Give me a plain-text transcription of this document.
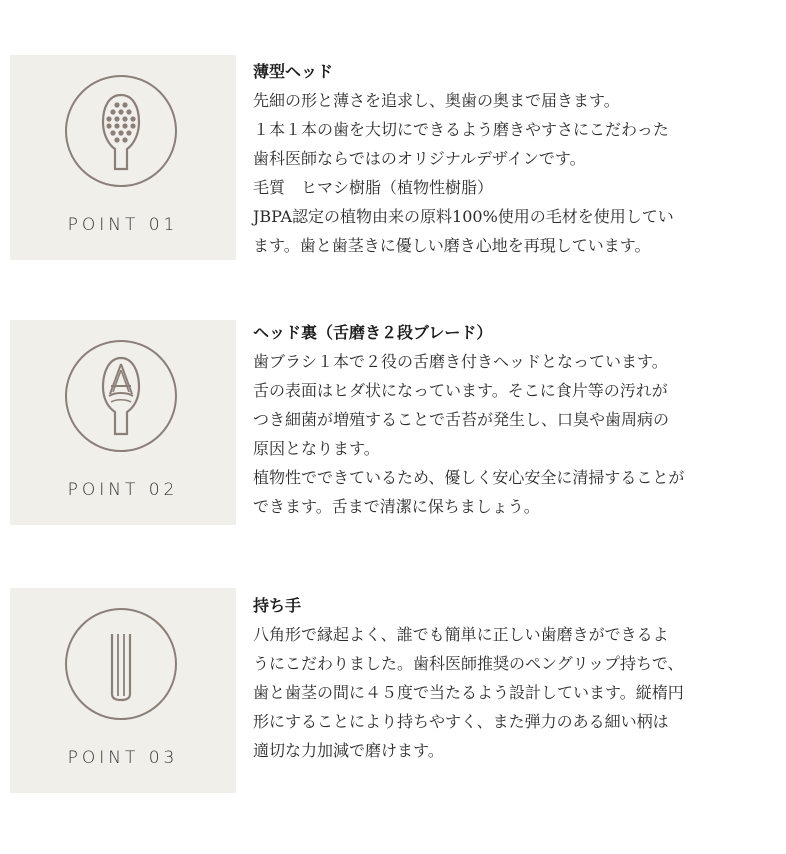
POINT 01

薄型ヘッド

先細の形と薄さを追求し、奥歯の奥まで届きます。

１本１本の歯を大切にできるよう磨きやすさにこだわった

歯科医師ならではのオリジナルデザインです。

毛質　ヒマシ樹脂（植物性樹脂）

JBPA認定の植物由来の原料100%使用の毛材を使用してい

ます。歯と歯茎きに優しい磨き心地を再現しています。

POINT 02

ヘッド裏（舌磨き２段ブレード）

歯ブラシ１本で２役の舌磨き付きヘッドとなっています。

舌の表面はヒダ状になっています。そこに食片等の汚れが

つき細菌が増殖することで舌苔が発生し、口臭や歯周病の

原因となります。

植物性でできているため、優しく安心安全に清掃することが

できます。舌まで清潔に保ちましょう。

POINT 03

持ち手

八角形で縁起よく、誰でも簡単に正しい歯磨きができるよ

うにこだわりました。歯科医師推奨のペングリップ持ちで、

歯と歯茎の間に４５度で当たるよう設計しています。縦楕円

形にすることにより持ちやすく、また弾力のある細い柄は

適切な力加減で磨けます。
